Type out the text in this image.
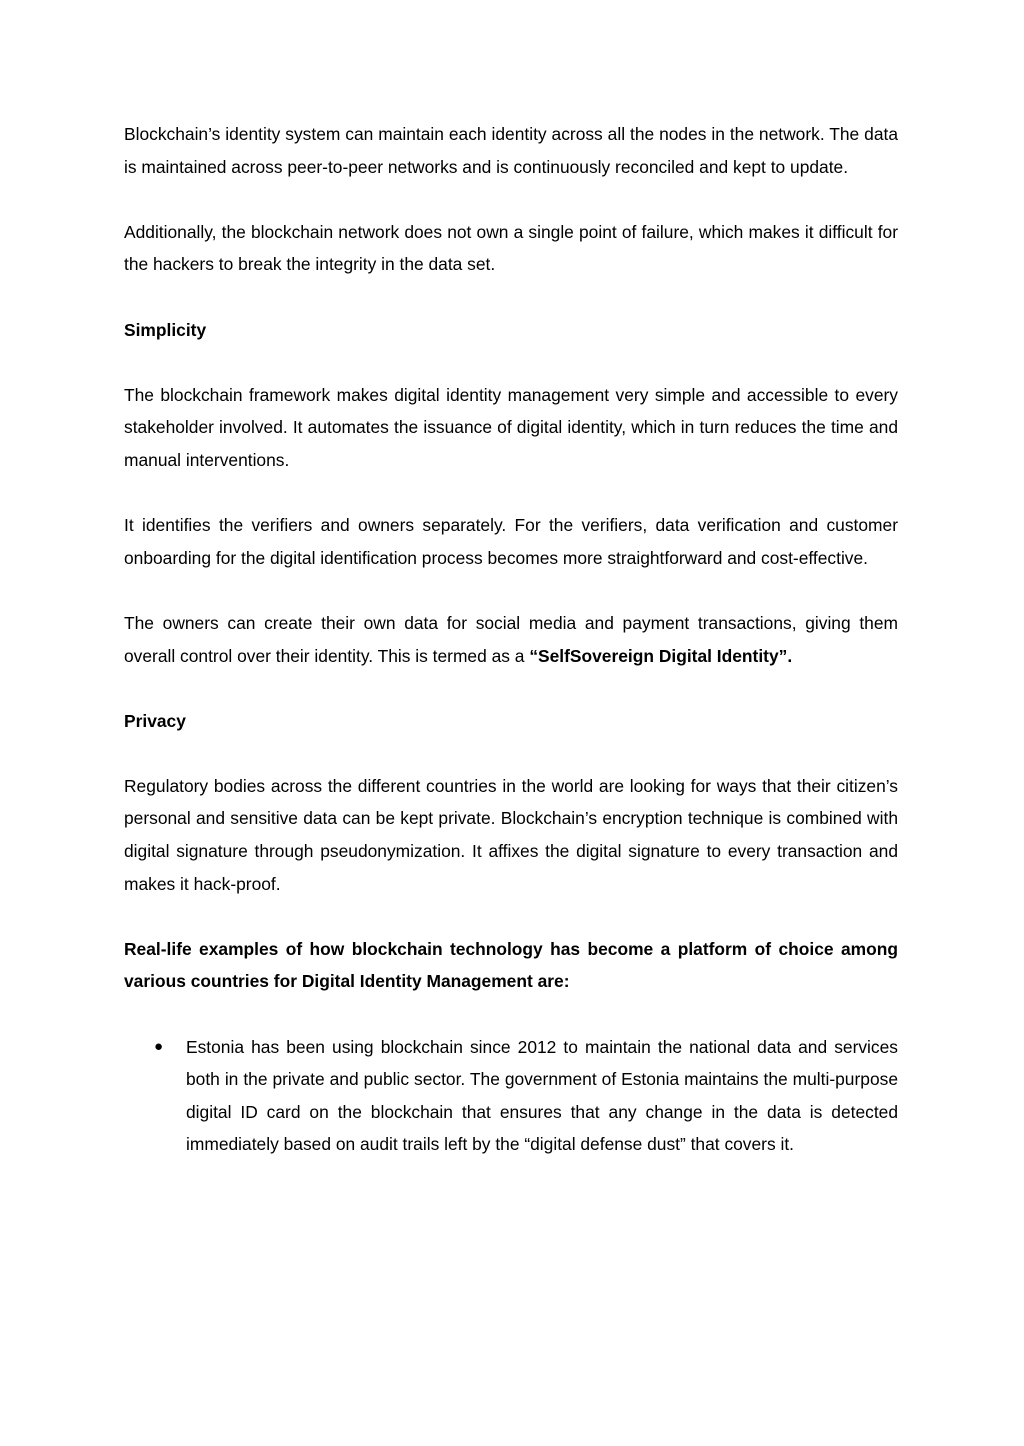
Blockchain’s identity system can maintain each identity across all the nodes in the network. The data is maintained across peer-to-peer networks and is continuously reconciled and kept to update.

Additionally, the blockchain network does not own a single point of failure, which makes it difficult for the hackers to break the integrity in the data set.

Simplicity

The blockchain framework makes digital identity management very simple and accessible to every stakeholder involved. It automates the issuance of digital identity, which in turn reduces the time and manual interventions.

It identifies the verifiers and owners separately. For the verifiers, data verification and customer onboarding for the digital identification process becomes more straightforward and cost-effective.

The owners can create their own data for social media and payment transactions, giving them overall control over their identity. This is termed as a “SelfSovereign Digital Identity”.

Privacy

Regulatory bodies across the different countries in the world are looking for ways that their citizen’s personal and sensitive data can be kept private. Blockchain’s encryption technique is combined with digital signature through pseudonymization. It affixes the digital signature to every transaction and makes it hack-proof.

Real-life examples of how blockchain technology has become a platform of choice among various countries for Digital Identity Management are:

● Estonia has been using blockchain since 2012 to maintain the national data and services both in the private and public sector. The government of Estonia maintains the multi-purpose digital ID card on the blockchain that ensures that any change in the data is detected immediately based on audit trails left by the “digital defense dust” that covers it.
